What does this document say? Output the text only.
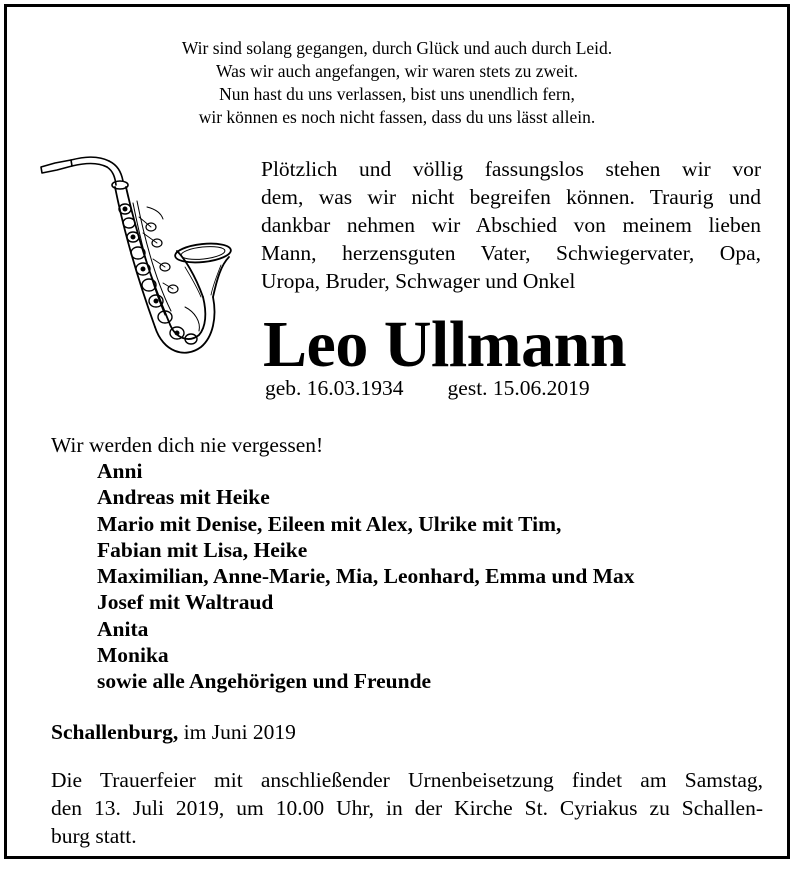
Wir sind solang gegangen, durch Glück und auch durch Leid.
Was wir auch angefangen, wir waren stets zu zweit.
Nun hast du uns verlassen, bist uns unendlich fern,
wir können es noch nicht fassen, dass du uns lässt allein.
Plötzlich und völlig fassungslos stehen wir vor
dem, was wir nicht begreifen können. Traurig und
dankbar nehmen wir Abschied von meinem lieben
Mann, herzensguten Vater, Schwiegervater, Opa,
Uropa, Bruder, Schwager und Onkel
Leo Ullmann
geb. 16.03.1934 gest. 15.06.2019
Wir werden dich nie vergessen!
Anni
Andreas mit Heike
Mario mit Denise, Eileen mit Alex, Ulrike mit Tim,
Fabian mit Lisa, Heike
Maximilian, Anne-Marie, Mia, Leonhard, Emma und Max
Josef mit Waltraud
Anita
Monika
sowie alle Angehörigen und Freunde
Schallenburg, im Juni 2019
Die Trauerfeier mit anschließender Urnenbeisetzung findet am Samstag,
den 13. Juli 2019, um 10.00 Uhr, in der Kirche St. Cyriakus zu Schallen-
burg statt.
